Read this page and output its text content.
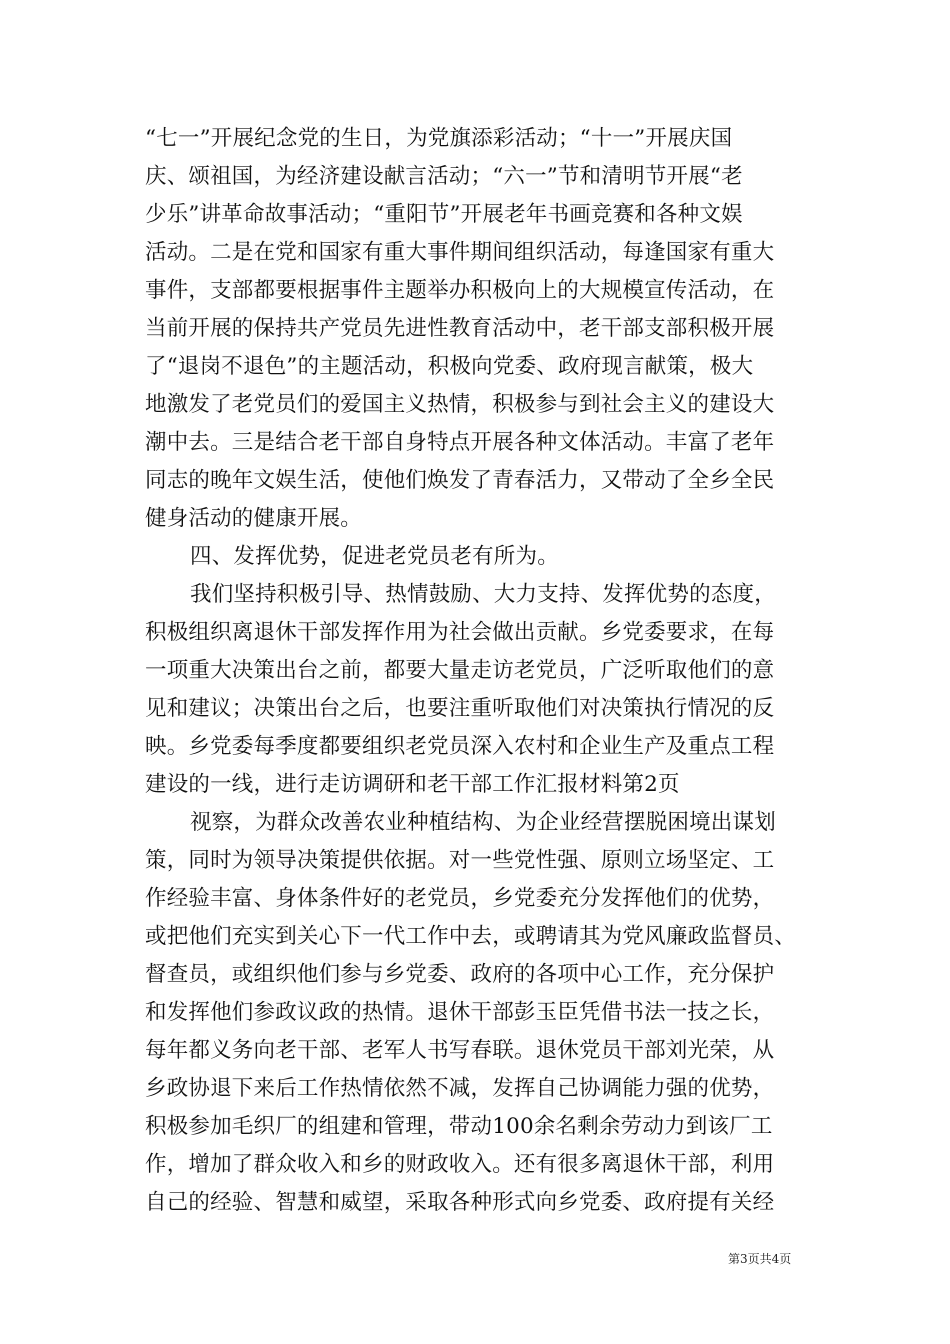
“七一”开展纪念党的生日，为党旗添彩活动；“十一”开展庆国
庆、颂祖国，为经济建设献言活动；“六一”节和清明节开展“老
少乐”讲革命故事活动；“重阳节”开展老年书画竞赛和各种文娱
活动。二是在党和国家有重大事件期间组织活动，每逢国家有重大
事件，支部都要根据事件主题举办积极向上的大规模宣传活动，在
当前开展的保持共产党员先进性教育活动中，老干部支部积极开展
了“退岗不退色”的主题活动，积极向党委、政府现言献策，极大
地激发了老党员们的爱国主义热情，积极参与到社会主义的建设大
潮中去。三是结合老干部自身特点开展各种文体活动。丰富了老年
同志的晚年文娱生活，使他们焕发了青春活力，又带动了全乡全民
健身活动的健康开展。
四、发挥优势，促进老党员老有所为。
我们坚持积极引导、热情鼓励、大力支持、发挥优势的态度，
积极组织离退休干部发挥作用为社会做出贡献。乡党委要求，在每
一项重大决策出台之前，都要大量走访老党员，广泛听取他们的意
见和建议；决策出台之后，也要注重听取他们对决策执行情况的反
映。乡党委每季度都要组织老党员深入农村和企业生产及重点工程
建设的一线，进行走访调研和老干部工作汇报材料第2页
视察，为群众改善农业种植结构、为企业经营摆脱困境出谋划
策，同时为领导决策提供依据。对一些党性强、原则立场坚定、工
作经验丰富、身体条件好的老党员，乡党委充分发挥他们的优势，
或把他们充实到关心下一代工作中去，或聘请其为党风廉政监督员、
督查员，或组织他们参与乡党委、政府的各项中心工作，充分保护
和发挥他们参政议政的热情。退休干部彭玉臣凭借书法一技之长，
每年都义务向老干部、老军人书写春联。退休党员干部刘光荣，从
乡政协退下来后工作热情依然不减，发挥自己协调能力强的优势，
积极参加毛织厂的组建和管理，带动100余名剩余劳动力到该厂工
作，增加了群众收入和乡的财政收入。还有很多离退休干部，利用
自己的经验、智慧和威望，采取各种形式向乡党委、政府提有关经
第3页共4页
